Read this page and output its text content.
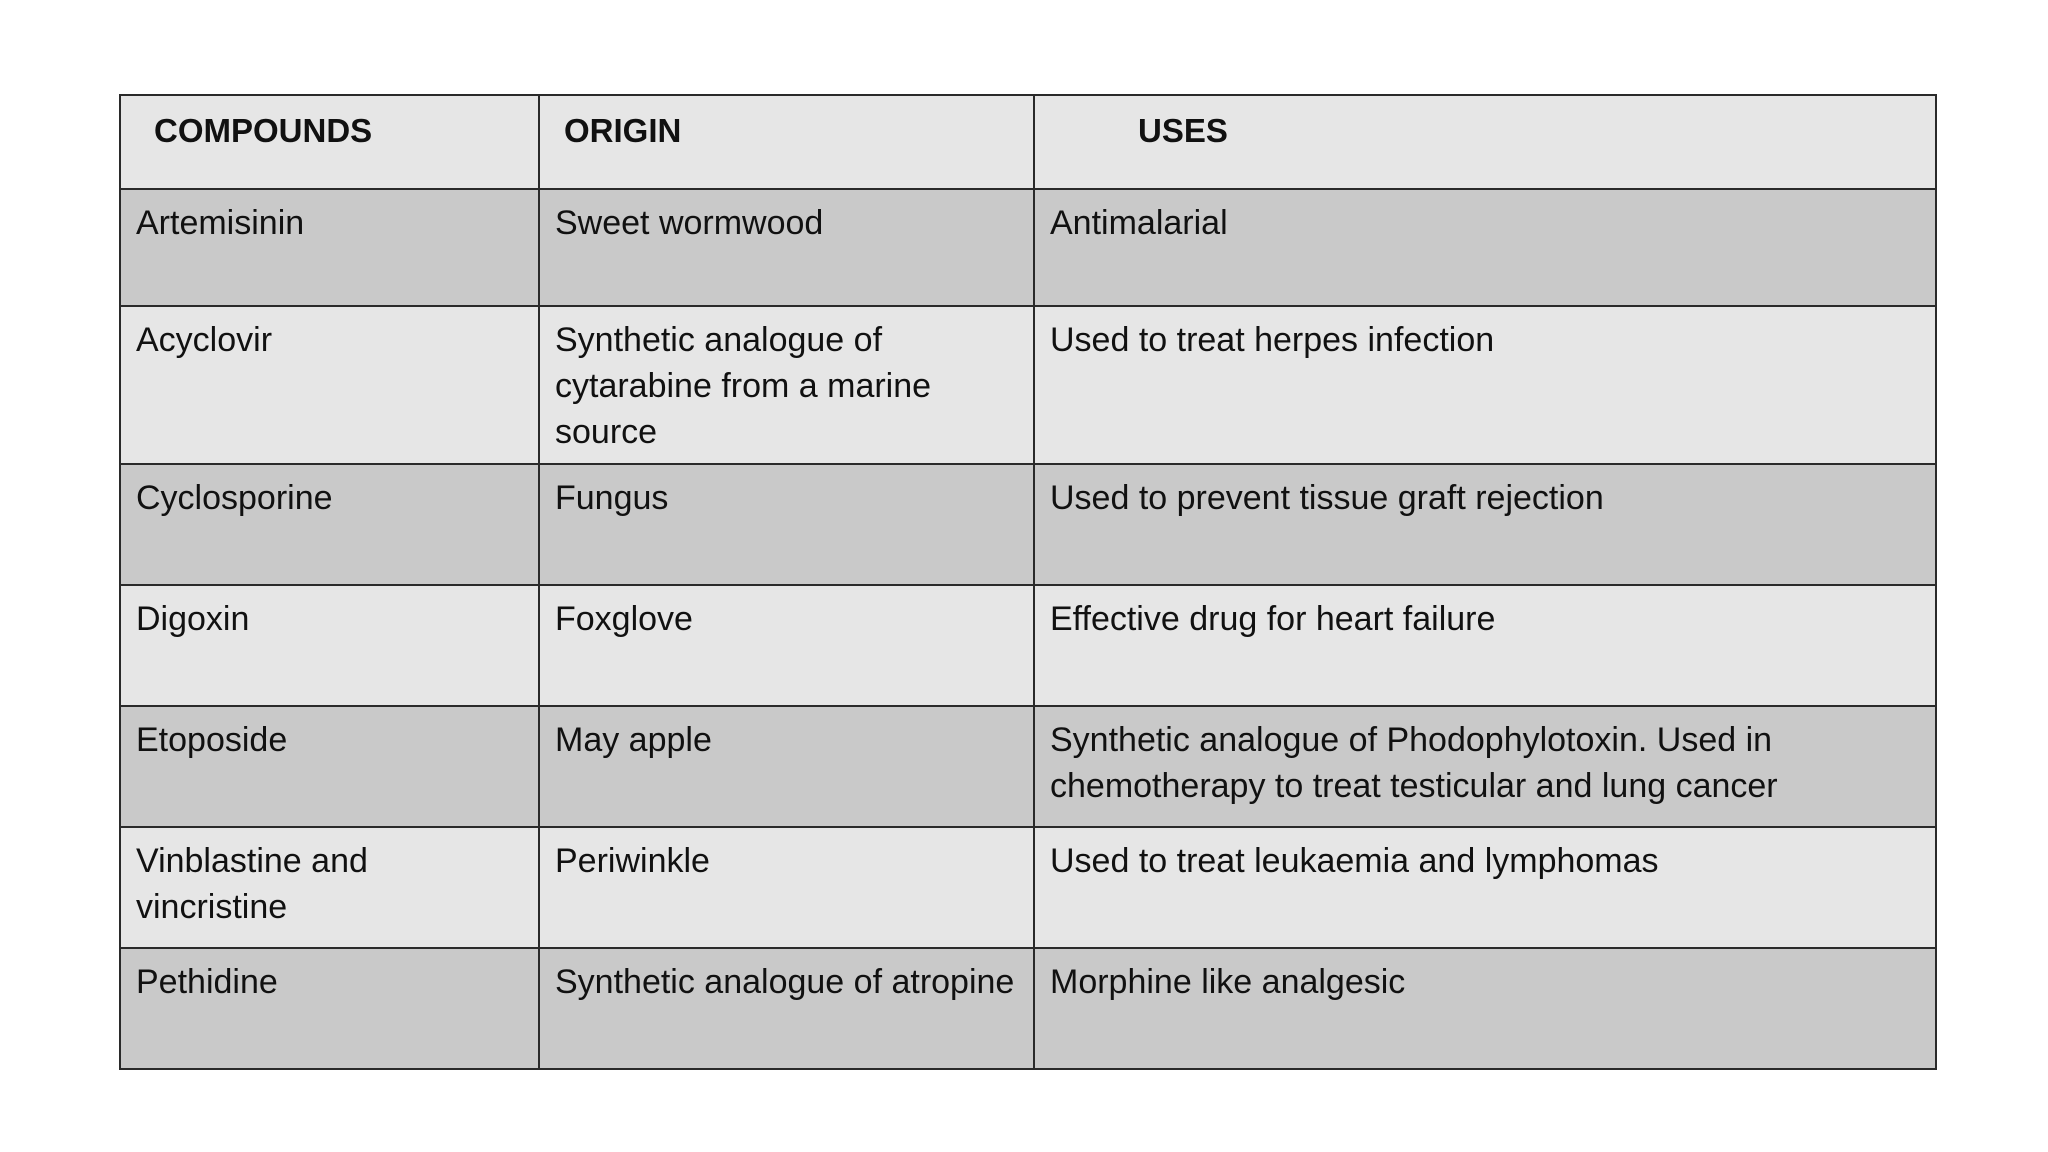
COMPOUNDS	ORIGIN	USES
Artemisinin	Sweet wormwood	Antimalarial
Acyclovir	Synthetic analogue of cytarabine from a marine source	Used to treat herpes infection
Cyclosporine	Fungus	Used to prevent tissue graft rejection
Digoxin	Foxglove	Effective drug for heart failure
Etoposide	May apple	Synthetic analogue of Phodophylotoxin. Used in chemotherapy to treat testicular and lung cancer
Vinblastine and vincristine	Periwinkle	Used to treat leukaemia and lymphomas
Pethidine	Synthetic analogue of atropine	Morphine like analgesic
